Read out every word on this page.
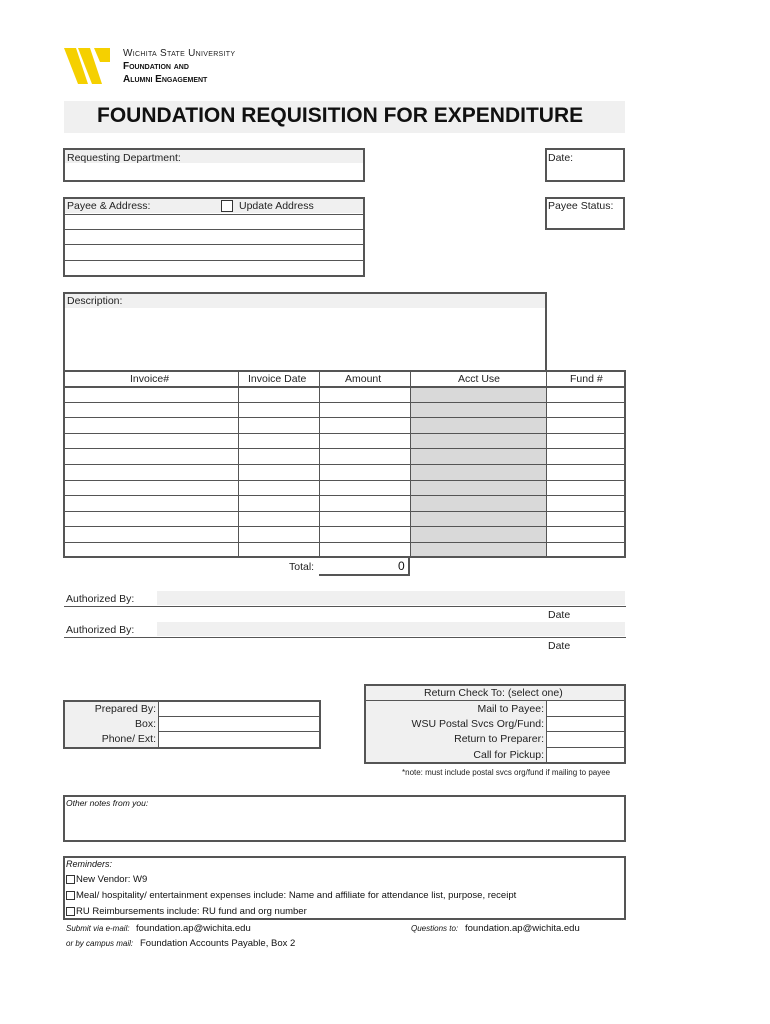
Wichita State University
Foundation and
Alumni Engagement
FOUNDATION REQUISITION FOR EXPENDITURE
Requesting Department:	Date:
Payee & Address:	Update Address	Payee Status:
Description:
Invoice#	Invoice Date	Amount	Acct Use	Fund #
Total:	0
Authorized By:
Date
Authorized By:
Date
Prepared By:
Box:
Phone/ Ext:
Return Check To: (select one)
Mail to Payee:
WSU Postal Svcs Org/Fund:
Return to Preparer:
Call for Pickup:
*note: must include postal svcs org/fund if mailing to payee
Other notes from you:
Reminders:
New Vendor: W9
Meal/ hospitality/ entertainment expenses include: Name and affiliate for attendance list, purpose, receipt
RU Reimbursements include: RU fund and org number
Submit via e-mail: foundation.ap@wichita.edu	Questions to: foundation.ap@wichita.edu
or by campus mail: Foundation Accounts Payable, Box 2
